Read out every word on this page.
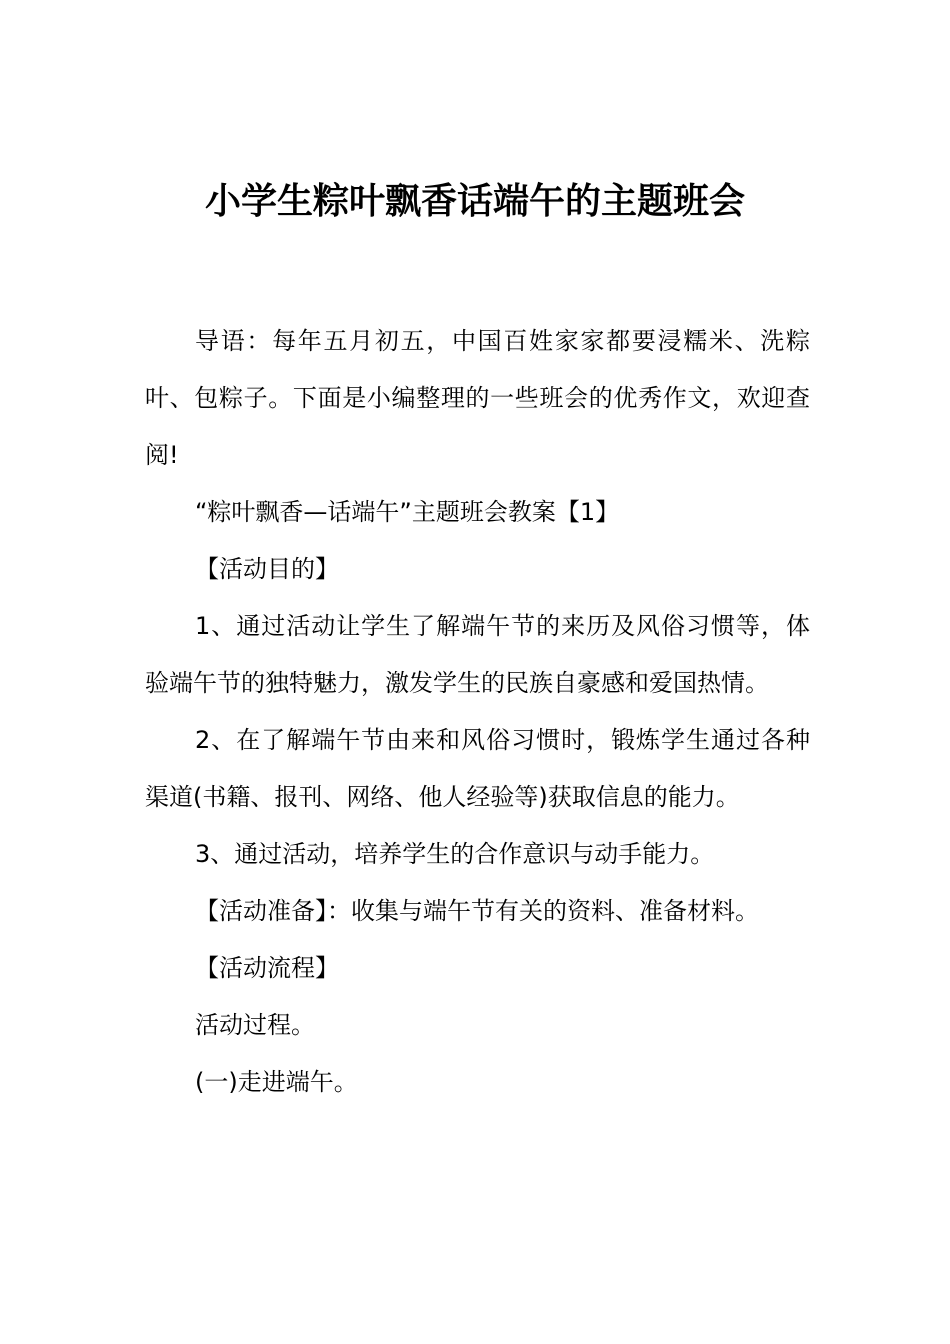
小学生粽叶飘香话端午的主题班会

导语：每年五月初五，中国百姓家家都要浸糯米、洗粽叶、包粽子。下面是小编整理的一些班会的优秀作文，欢迎查阅!

“粽叶飘香—话端午”主题班会教案【1】

【活动目的】

1、通过活动让学生了解端午节的来历及风俗习惯等，体验端午节的独特魅力，激发学生的民族自豪感和爱国热情。

2、在了解端午节由来和风俗习惯时，锻炼学生通过各种渠道(书籍、报刊、网络、他人经验等)获取信息的能力。

3、通过活动，培养学生的合作意识与动手能力。

【活动准备】：收集与端午节有关的资料、准备材料。

【活动流程】

活动过程。

(一)走进端午。
